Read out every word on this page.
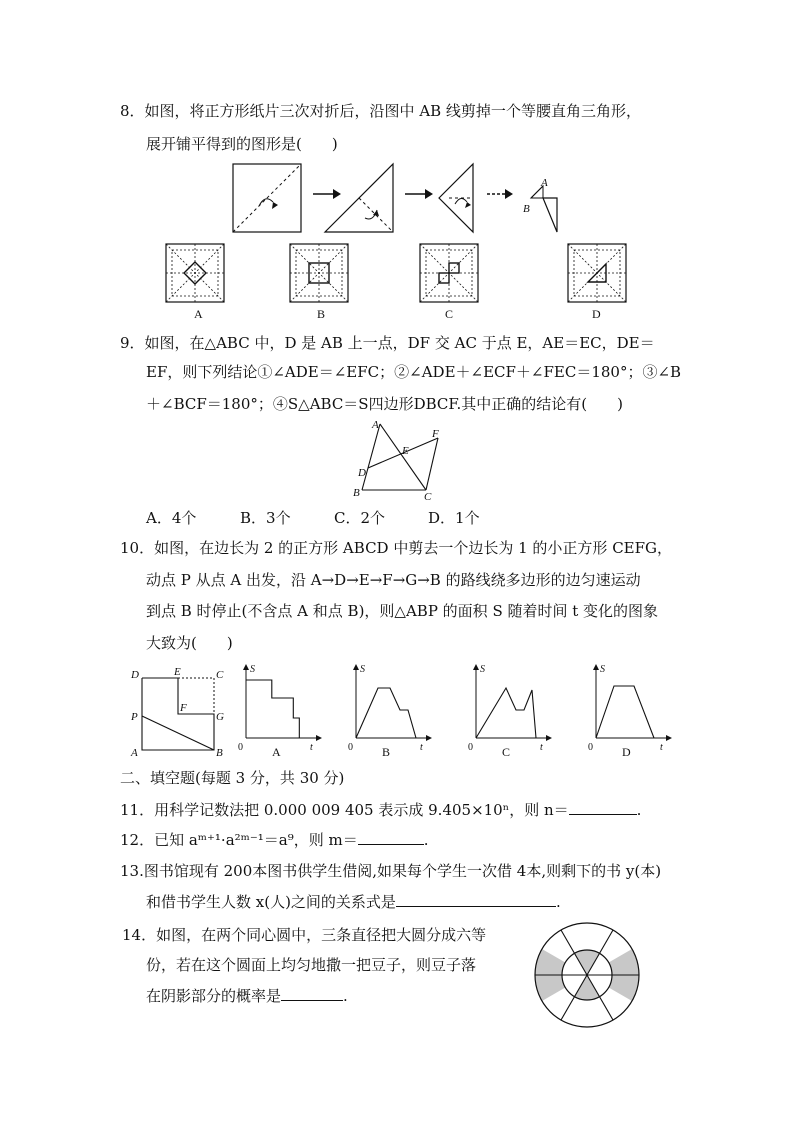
8．如图，将正方形纸片三次对折后，沿图中 AB 线剪掉一个等腰直角三角形，
展开铺平得到的图形是(　　)
A
B
A	B	C	D
9．如图，在△ABC 中，D 是 AB 上一点，DF 交 AC 于点 E，AE＝EC，DE＝
EF，则下列结论①∠ADE＝∠EFC；②∠ADE＋∠ECF＋∠FEC＝180°；③∠B
＋∠BCF＝180°；④S△ABC＝S四边形DBCF.其中正确的结论有(　　)
A
B	C
D
E
F
A．4个	B．3个	C．2个	D．1个
10．如图，在边长为 2 的正方形 ABCD 中剪去一个边长为 1 的小正方形 CEFG，
动点 P 从点 A 出发，沿 A→D→E→F→G→B 的路线绕多边形的边匀速运动
到点 B 时停止(不含点 A 和点 B)，则△ABP 的面积 S 随着时间 t 变化的图象
大致为(　　)
D	E	C
F
P	G
A	B
S
t
0 A
S
t
0 B
S
t
0 C
S
t
0 D
二、填空题(每题 3 分，共 30 分)
11．用科学记数法把 0.000 009 405 表示成 9.405×10ⁿ，则 n＝	.
12．已知 aᵐ⁺¹·a²ᵐ⁻¹＝a⁹，则 m＝	.
13.图书馆现有 200本图书供学生借阅,如果每个学生一次借 4本,则剩下的书 y(本)
和借书学生人数 x(人)之间的关系式是	.
14．如图，在两个同心圆中，三条直径把大圆分成六等
份，若在这个圆面上均匀地撒一把豆子，则豆子落
在阴影部分的概率是	.
